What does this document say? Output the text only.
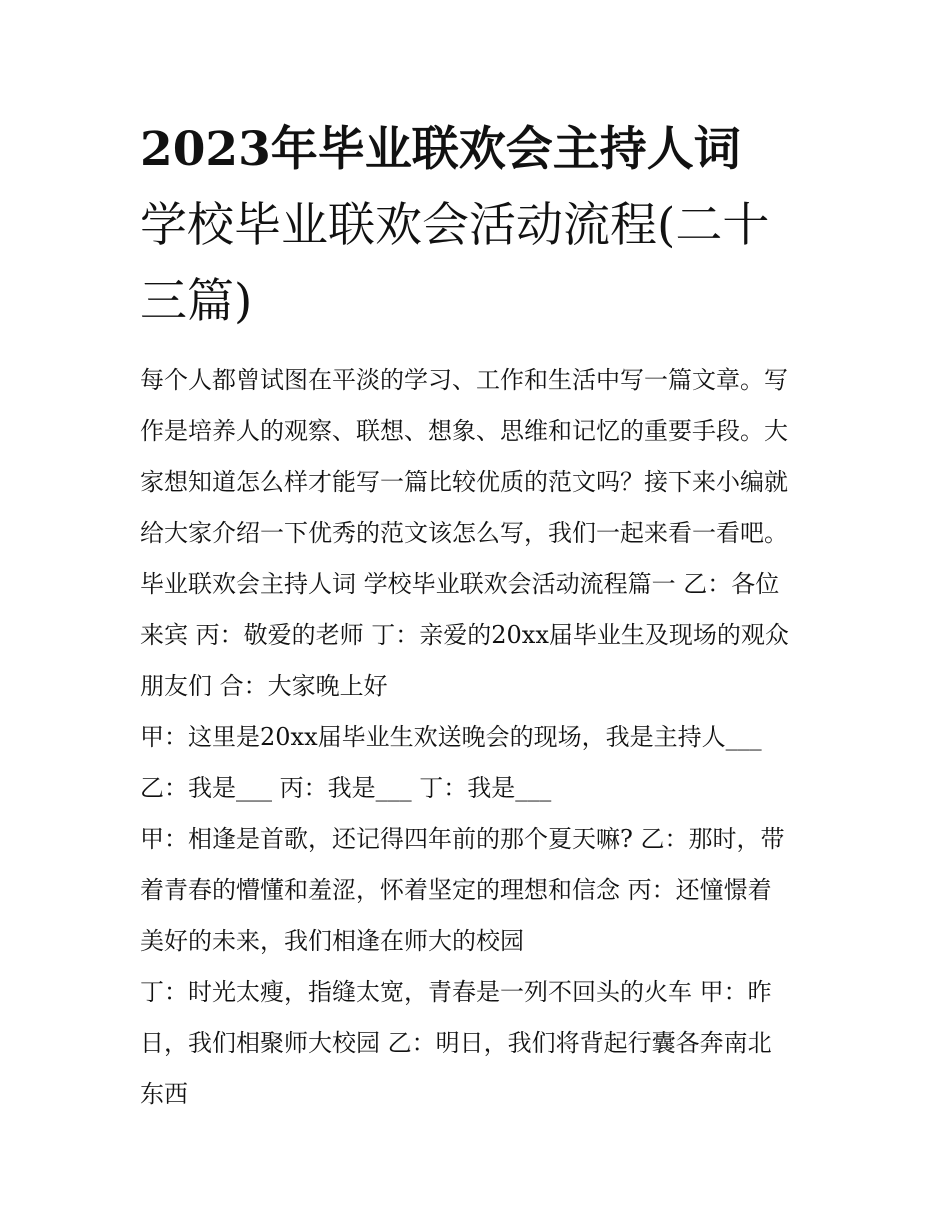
2023年毕业联欢会主持人词
学校毕业联欢会活动流程(二十
三篇)

每个人都曾试图在平淡的学习、工作和生活中写一篇文章。写
作是培养人的观察、联想、想象、思维和记忆的重要手段。大
家想知道怎么样才能写一篇比较优质的范文吗？接下来小编就
给大家介绍一下优秀的范文该怎么写，我们一起来看一看吧。
毕业联欢会主持人词 学校毕业联欢会活动流程篇一 乙：各位
来宾 丙：敬爱的老师 丁：亲爱的20xx届毕业生及现场的观众
朋友们 合：大家晚上好

甲：这里是20xx届毕业生欢送晚会的现场，我是主持人___
乙：我是___ 丙：我是___ 丁：我是___

甲：相逢是首歌，还记得四年前的那个夏天嘛? 乙：那时，带
着青春的懵懂和羞涩，怀着坚定的理想和信念 丙：还憧憬着
美好的未来，我们相逢在师大的校园

丁：时光太瘦，指缝太宽，青春是一列不回头的火车 甲：昨
日，我们相聚师大校园 乙：明日，我们将背起行囊各奔南北
东西
